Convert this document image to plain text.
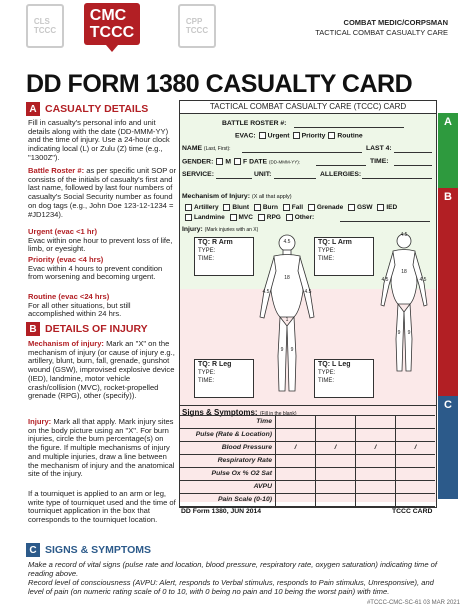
CLS
TCCC
CMC
TCCC
CPP
TCCC
COMBAT MEDIC/CORPSMAN
TACTICAL COMBAT CASUALTY CARE
DD FORM 1380 CASUALTY CARD
A CASUALTY DETAILS
Fill in casualty's personal info and unit details along with the date (DD-MMM-YY) and the time of injury. Use a 24-hour clock indicating local (L) or Zulu (Z) time (e.g., "1300Z").
Battle Roster #: as per specific unit SOP or consists of the initials of casualty's first and last name, followed by last four numbers of casualty's Social Security number as found on dog tags (e.g., John Doe 123-12-1234 = #JD1234).
Urgent (evac <1 hr)
Evac within one hour to prevent loss of life, limb, or eyesight.
Priority (evac <4 hrs)
Evac within 4 hours to prevent condition from worsening and becoming urgent.
Routine (evac <24 hrs)
For all other situations, but still accomplished within 24 hrs.
B DETAILS OF INJURY
Mechanism of injury: Mark an "X" on the mechanism of injury (or cause of injury e.g., artillery, blunt, burn, fall, grenade, gunshot wound (GSW), improvised explosive device (IED), landmine, motor vehicle crash/collision (MVC), rocket-propelled grenade (RPG), other (specify)).
Injury: Mark all that apply. Mark injury sites on the body picture using an "X". For burn injuries, circle the burn percentage(s) on the figure. If multiple mechanisms of injury and multiple injuries, draw a line between the mechanism of injury and the anatomical site of the injury.
If a tourniquet is applied to an arm or leg, write type of tourniquet used and the time of tourniquet application in the box that corresponds to the tourniquet location.
C SIGNS & SYMPTOMS
Make a record of vital signs (pulse rate and location, blood pressure, respiratory rate, oxygen saturation) indicating time of reading above.
Record level of consciousness (AVPU: Alert, responds to Verbal stimulus, responds to Pain stimulus, Unresponsive), and level of pain (on numeric rating scale of 0 to 10, with 0 being no pain and 10 being the worst pain) with time.
A
B
C
TACTICAL COMBAT CASUALTY CARE (TCCC) CARD
BATTLE ROSTER #:
EVAC: Urgent Priority Routine
NAME (Last, First):	LAST 4:
GENDER: M F DATE (DD-MMM-YY):	TIME:
SERVICE:	UNIT:	ALLERGIES:
Mechanism of Injury: (X all that apply)
Artillery Blunt Burn Fall Grenade GSW IED
Landmine MVC RPG Other:
Injury: (Mark injuries with an X)
TQ: R Arm
TYPE:
TIME:
TQ: L Arm
TYPE:
TIME:
TQ: R Leg
TYPE:
TIME:
TQ: L Leg
TYPE:
TIME:
4.5
18
4.5	4.5
1
9 9
4.5
18
4.5	4.5
9 9
Signs & Symptoms: (Fill in the blank)
Time
Pulse (Rate & Location)
Blood Pressure	/	/	/	/
Respiratory Rate
Pulse Ox % O2 Sat
AVPU
Pain Scale (0-10)
DD Form 1380, JUN 2014	TCCC CARD
#TCCC-CMC-SC-61 03 MAR 2021
